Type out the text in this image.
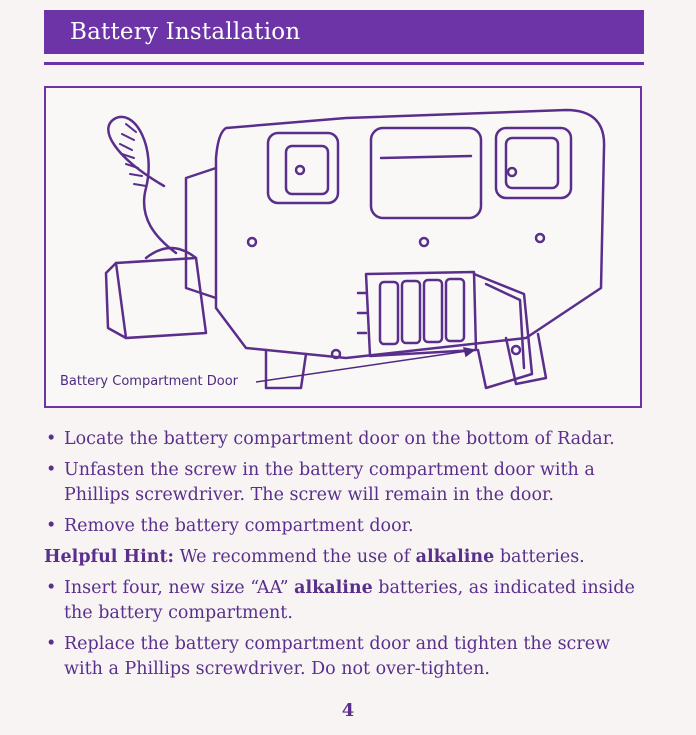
Battery Installation
Battery Compartment Door
• Locate the battery compartment door on the bottom of Radar.
• Unfasten the screw in the battery compartment door with a Phillips screwdriver. The screw will remain in the door.
• Remove the battery compartment door.
Helpful Hint: We recommend the use of alkaline batteries.
• Insert four, new size “AA” alkaline batteries, as indicated inside the battery compartment.
• Replace the battery compartment door and tighten the screw with a Phillips screwdriver. Do not over-tighten.
4
